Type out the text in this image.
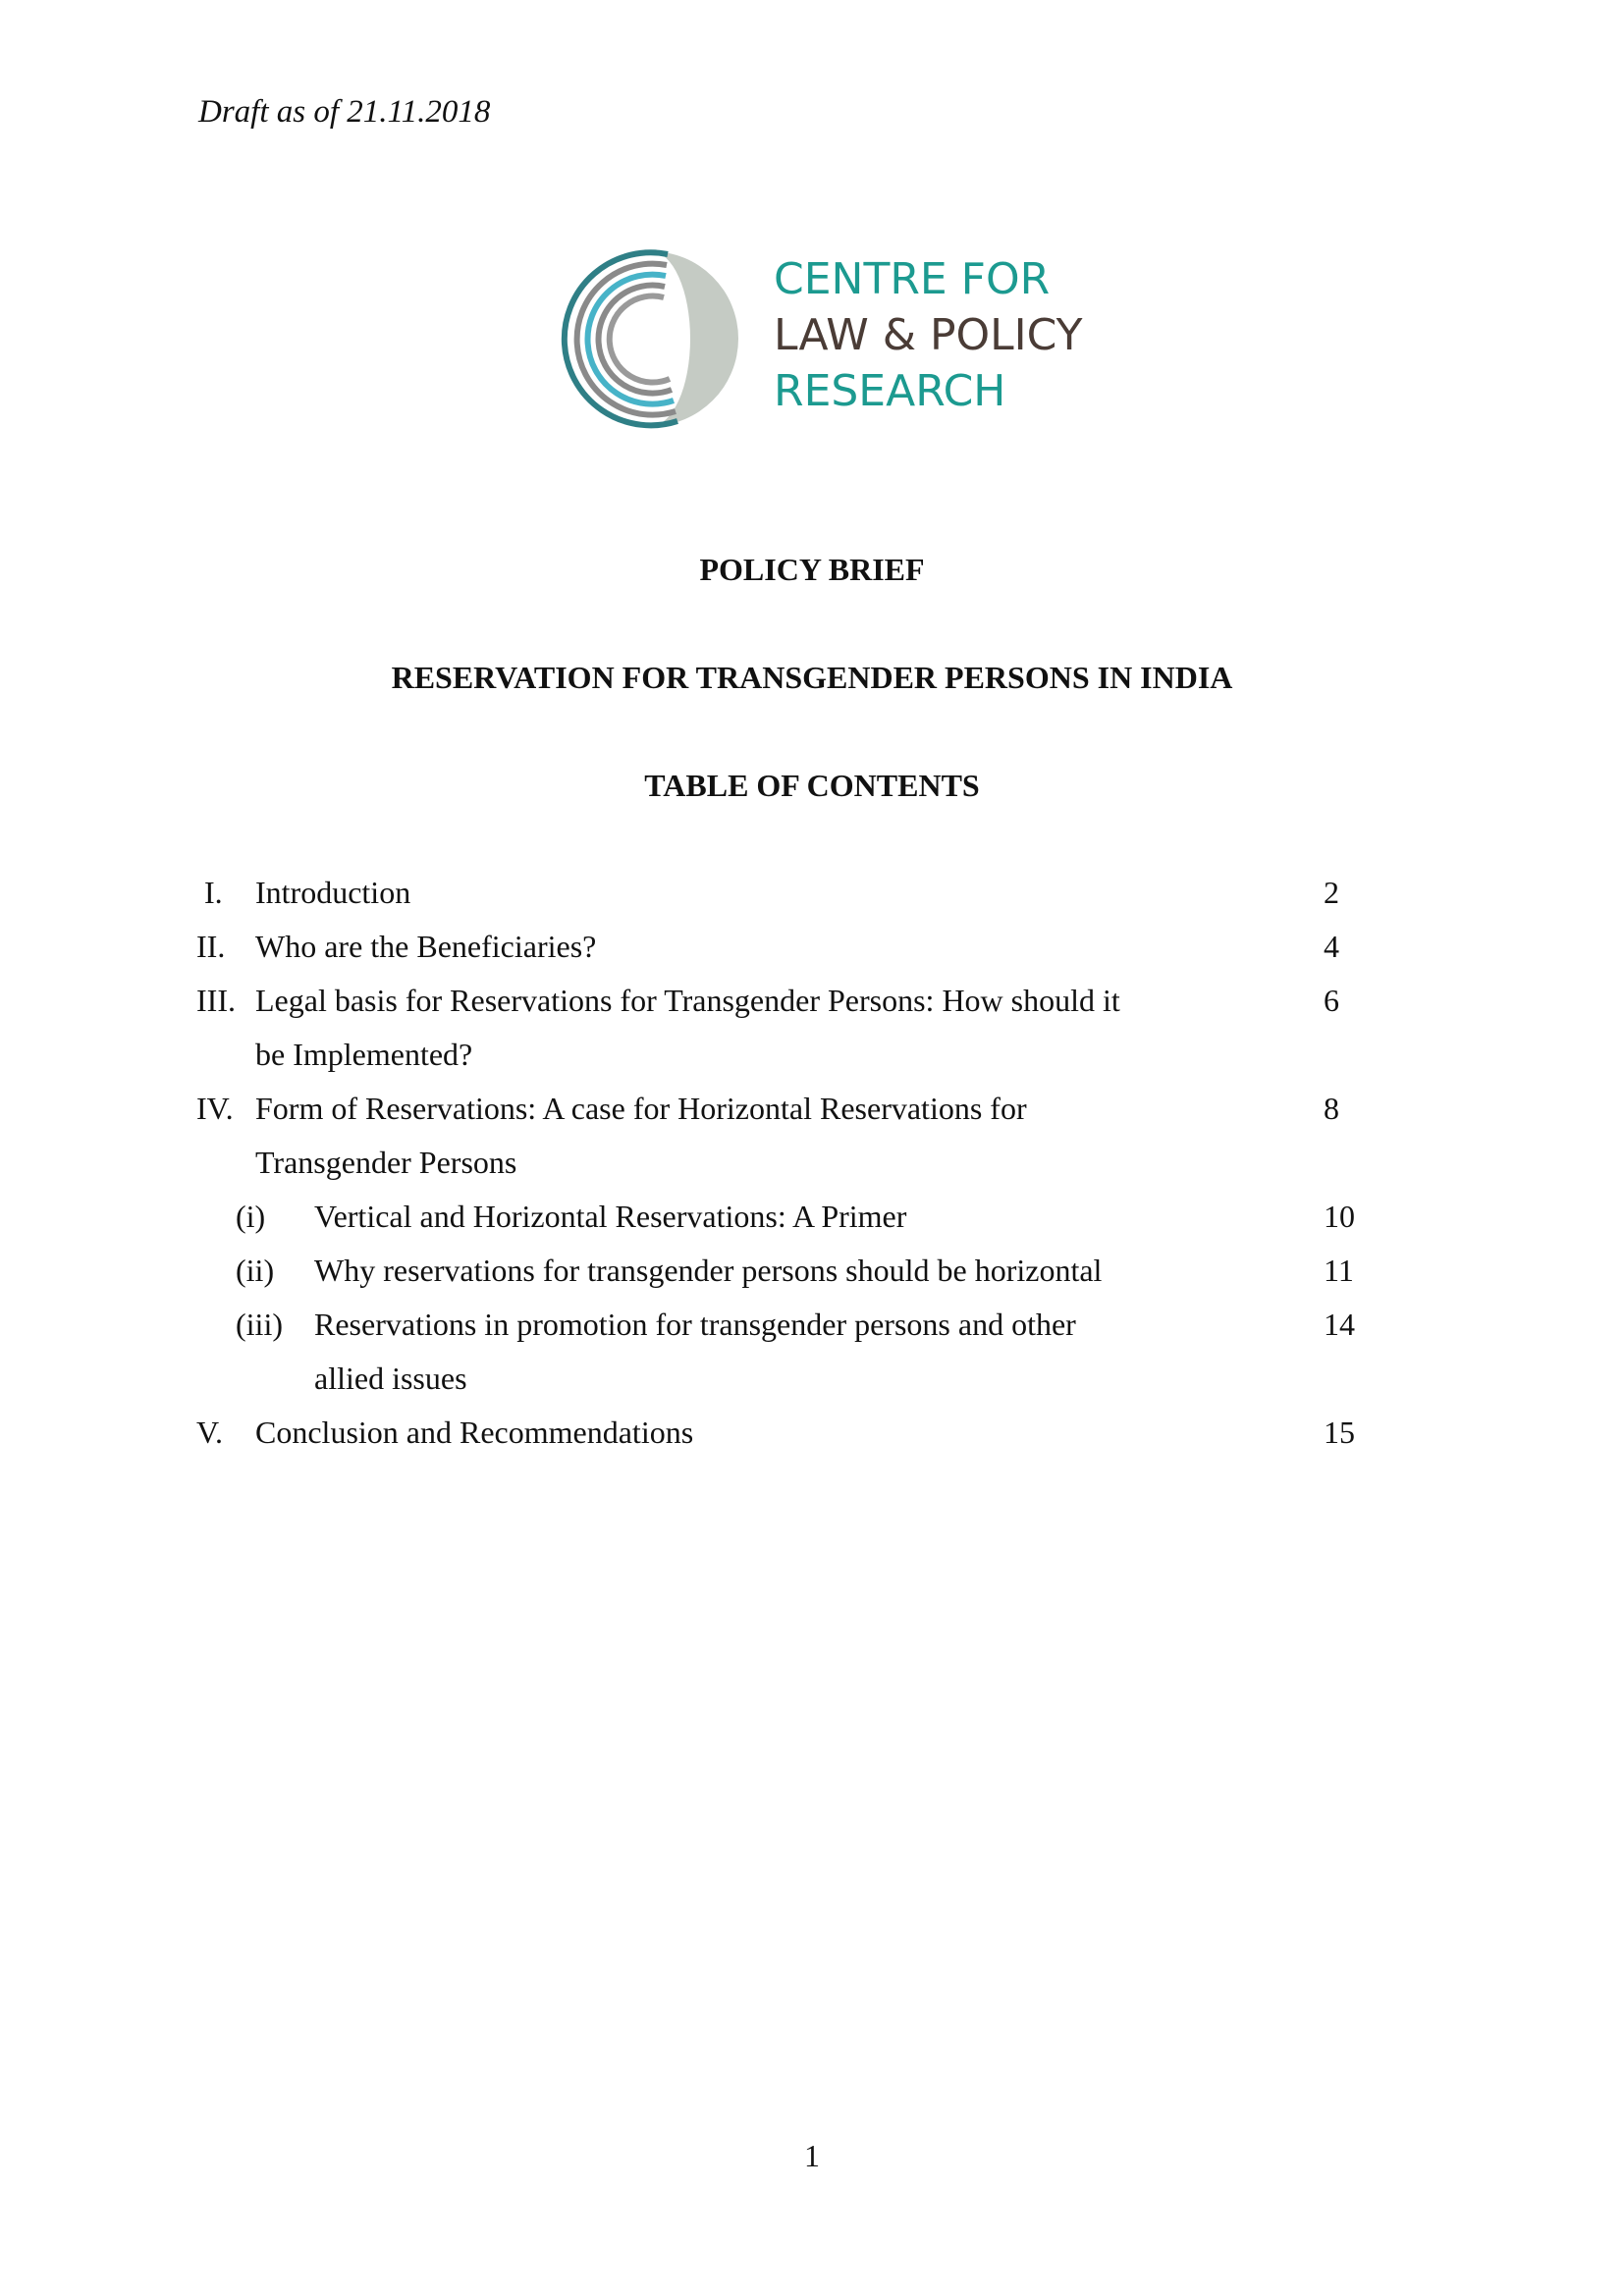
Draft as of 21.11.2018
CENTRE FOR
LAW & POLICY
RESEARCH
POLICY BRIEF
RESERVATION FOR TRANSGENDER PERSONS IN INDIA
TABLE OF CONTENTS
I.	Introduction	2
II. Who are the Beneficiaries?	4
III. Legal basis for Reservations for Transgender Persons: How should it	6
be Implemented?
IV. Form of Reservations: A case for Horizontal Reservations for	8
Transgender Persons
(i)	Vertical and Horizontal Reservations: A Primer	10
(ii)	Why reservations for transgender persons should be horizontal	11
(iii)	Reservations in promotion for transgender persons and other	14
allied issues
V.	Conclusion and Recommendations	15
1
